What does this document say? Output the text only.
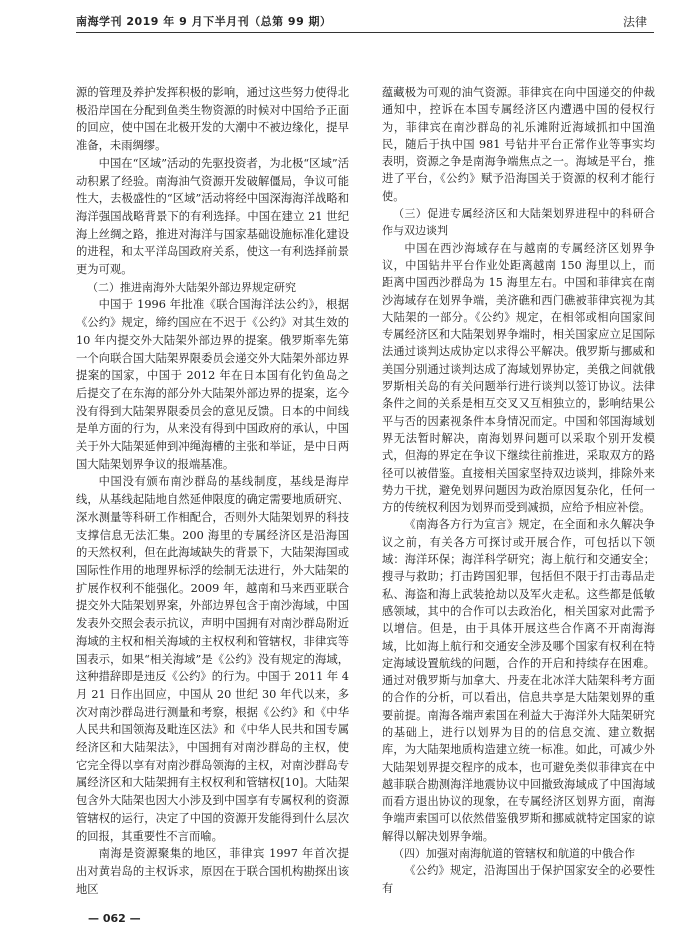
南海学刊 2019 年 9 月下半月刊（总第 99 期）	法律

源的管理及养护发挥积极的影响，通过这些努力使得北极沿岸国在分配到鱼类生物资源的时候对中国给予正面的回应，使中国在北极开发的大潮中不被边缘化，提早准备，未雨绸缪。

中国在“区域”活动的先驱投资者，为北极“区域”活动积累了经验。南海油气资源开发破解僵局，争议可能性大，去极盛性的“区域”活动将经中国深海海洋战略和海洋强国战略背景下的有利选择。中国在建立 21 世纪海上丝绸之路，推进对海洋与国家基础设施标准化建设的进程，和太平洋岛国政府关系，使这一有利选择前景更为可观。

（二）推进南海外大陆架外部边界规定研究

中国于 1996 年批准《联合国海洋法公约》，根据《公约》规定，缔约国应在不迟于《公约》对其生效的 10 年内提交外大陆架外部边界的提案。俄罗斯率先第一个向联合国大陆架界限委员会递交外大陆架外部边界提案的国家，中国于 2012 年在日本国有化钓鱼岛之后提交了在东海的部分外大陆架外部边界的提案，迄今没有得到大陆架界限委员会的意见反馈。日本的中间线是单方面的行为，从来没有得到中国政府的承认，中国关于外大陆架延伸到冲绳海槽的主张和举证，是中日两国大陆架划界争议的报端基准。

中国没有颁布南沙群岛的基线制度，基线是海岸线，从基线起陆地自然延伸限度的确定需要地质研究、深水测量等科研工作相配合，否则外大陆架划界的科技支撑信息无法汇集。200 海里的专属经济区是沿海国的天然权利，但在此海域缺失的背景下，大陆架海国或国际性作用的地理界标浮的绘制无法进行，外大陆架的扩展作权利不能强化。2009 年，越南和马来西亚联合提交外大陆架划界案，外部边界包含于南沙海域，中国发表外交照会表示抗议，声明中国拥有对南沙群岛附近海域的主权和相关海域的主权权利和管辖权，非律宾等国表示，如果“相关海域”是《公约》没有规定的海域，这种措辞即是违反《公约》的行为。中国于 2011 年 4 月 21 日作出回应，中国从 20 世纪 30 年代以来，多次对南沙群岛进行测量和考察，根据《公约》和《中华人民共和国领海及毗连区法》和《中华人民共和国专属经济区和大陆架法》，中国拥有对南沙群岛的主权，使它完全得以享有对南沙群岛领海的主权，对南沙群岛专属经济区和大陆架拥有主权权利和管辖权[10]。大陆架包含外大陆架也因大小涉及到中国享有专属权利的资源管辖权的运行，决定了中国的资源开发能得到什么层次的回报，其重要性不言而喻。

南海是资源聚集的地区，菲律宾 1997 年首次提出对黄岩岛的主权诉求，原因在于联合国机构勘探出该地区

蕴藏极为可观的油气资源。菲律宾在向中国递交的仲裁通知中，控诉在本国专属经济区内遭遇中国的侵权行为，菲律宾在南沙群岛的礼乐滩附近海域抓扣中国渔民，随后于执中国 981 号钻井平台正常作业等事实均表明，资源之争是南海争端焦点之一。海域是平台，推进了平台，《公约》赋予沿海国关于资源的权利才能行使。

（三）促进专属经济区和大陆架划界进程中的科研合作与双边谈判

中国在西沙海域存在与越南的专属经济区划界争议，中国钻井平台作业处距离越南 150 海里以上，而距离中国西沙群岛为 15 海里左右。中国和菲律宾在南沙海域存在划界争端，美济礁和西门礁被菲律宾视为其大陆架的一部分。《公约》规定，在相邻或相向国家间专属经济区和大陆架划界争端时，相关国家应立足国际法通过谈判达成协定以求得公平解决。俄罗斯与挪威和美国分别通过谈判达成了海域划界协定，美俄之间就俄罗斯相关岛的有关问题举行进行谈判以签订协议。法律条件之间的关系是相互交叉又互相独立的，影响结果公平与否的因素视条件本身情况而定。中国和邻国海域划界无法暂时解决，南海划界问题可以采取个别开发模式，但海的界定在争议下继续往前推进，采取双方的路径可以被借鉴。直接相关国家坚持双边谈判，排除外来势力干扰，避免划界问题因为政治原因复杂化，任何一方的传统权利因为划界而受到减损，应给予相应补偿。

《南海各方行为宣言》规定，在全面和永久解决争议之前，有关各方可探讨或开展合作，可包括以下领域：海洋环保；海洋科学研究；海上航行和交通安全；搜寻与救助；打击跨国犯罪，包括但不限于打击毒品走私、海盗和海上武装抢劫以及军火走私。这些都是低敏感领域，其中的合作可以去政治化，相关国家对此需予以增信。但是，由于具体开展这些合作离不开南海海域，比如海上航行和交通安全涉及哪个国家有权利在特定海域设置航线的问题，合作的开启和持续存在困难。通过对俄罗斯与加拿大、丹麦在北冰洋大陆架科考方面的合作的分析，可以看出，信息共享是大陆架划界的重要前提。南海各端声索国在利益大于海洋外大陆架研究的基础上，进行以划界为目的的信息交流、建立数据库，为大陆架地质构造建立统一标准。如此，可减少外大陆架划界提交程序的成本，也可避免类似菲律宾在中越菲联合勘测海洋地震协议中回撤致海域成了中国海域而看方退出协议的现象，在专属经济区划界方面，南海争端声索国可以依然借鉴俄罗斯和挪威就特定国家的谅解得以解决划界争端。

（四）加强对南海航道的管辖权和航道的中俄合作

《公约》规定，沿海国出于保护国家安全的必要性有

— 062 —
